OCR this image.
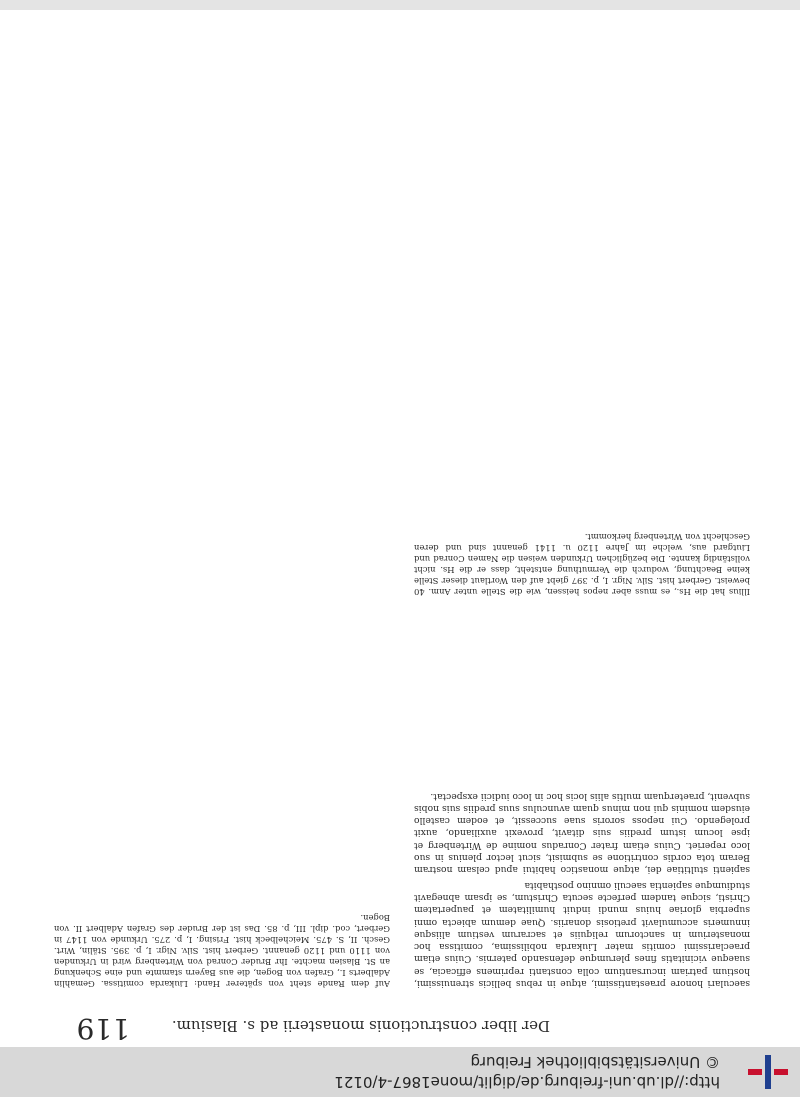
http://dl.ub.uni-freiburg.de/diglit/mone1867-4/0121
© Universitätsbibliothek Freiburg
Der liber constructionis monasterii ad s. Blasium.
119

saeculari honore praestantissimi, atque in rebus bellicis strenuissimi, hostium patriam incursantium colla constanti reprimens efficacia, se suaeque vicinitatis fines plerumque defensando paternis. Cuius etiam praeclarissimi comitis mater Liukarda nobilissima, comitissa hoc monasterium in sanctorum reliquiis et sacrarum vestium aliisque innumeris accumulavit pretiosis donariis. Quae demum abiecta omni superbia gloriae huius mundi induit humilitatem et paupertatem Christi, sicque tandem perfecte secuta Christum, se ipsam abnegavit studiumque sapientia saeculi omnino posthabita

sapienti stultitiae dei, atque monastico habitui apud celsam nostram Beram tota cordis contritione se submisit, sicut lector plenius in suo loco reperiet. Cuius etiam frater Conradus nomine de Wirtenberg et ipse locum istum prediis suis ditavit, provexit auxiliando, auxit prolegendo. Cui neposs sororis suae successit, et eodem castello eiusdem nominis qui non minus quam avunculus suus prediis suis nobis subvenit, praeterquam multis aliis locis hoc in loco iudicii exspectat.

Illius hat die Hs., es muss aber nepos heissen, wie die Stelle unter Anm. 40 beweist. Gerbert hist. Silv. Nigr. I, p. 397 giebt auf den Wortlaut dieser Stelle keine Beachtung, wodurch die Vermuthung entsteht, dass er die Hs. nicht vollständig kannte. Die bezüglichen Urkunden weisen die Namen Conrad und Liutgard aus, welche im Jahre 1120 u. 1141 genannt sind und deren Geschlecht von Wirtenberg herkommt.

Auf dem Rande steht von späterer Hand: Liukarda comitissa. Gemahlin Adalberts I., Grafen von Bogen, die aus Bayern stammte und eine Schenkung an St. Blasien machte. Ihr Bruder Conrad von Wirtenberg wird in Urkunden von 1110 und 1120 genannt. Gerbert hist. Silv. Nigr. I, p. 395. Stälin, Wirt. Gesch. II, S. 475. Meichelbeck hist. Frising. I, p. 275. Urkunde von 1147 in Gerbert, cod. dipl. III, p. 85. Das ist der Bruder des Grafen Adalbert II. von Bogen.
